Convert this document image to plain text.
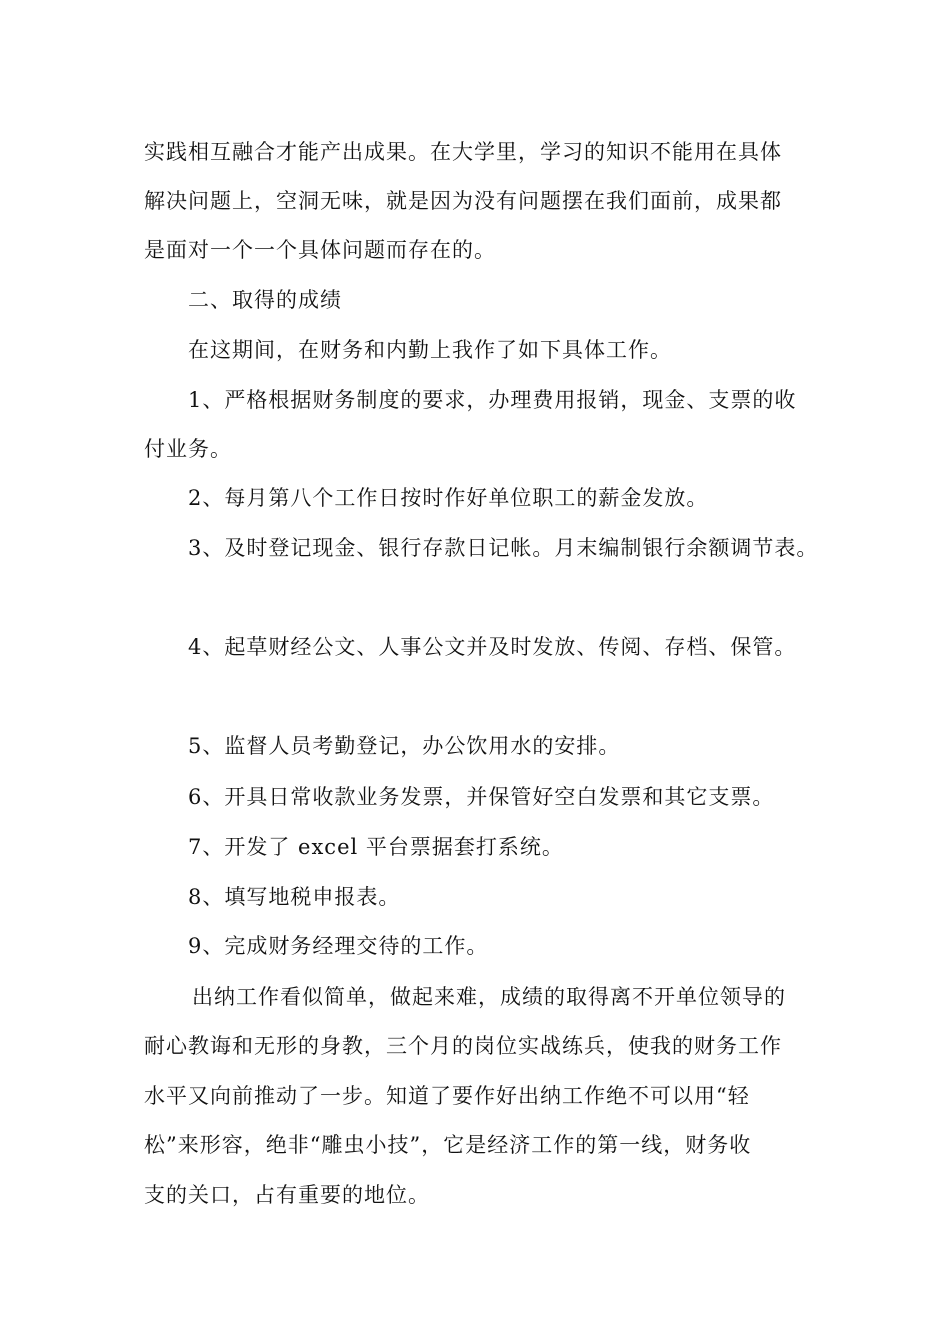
实践相互融合才能产出成果。在大学里，学习的知识不能用在具体
解决问题上，空洞无味，就是因为没有问题摆在我们面前，成果都
是面对一个一个具体问题而存在的。
二、取得的成绩
在这期间，在财务和内勤上我作了如下具体工作。
1、严格根据财务制度的要求，办理费用报销，现金、支票的收
付业务。
2、每月第八个工作日按时作好单位职工的薪金发放。
3、及时登记现金、银行存款日记帐。月末编制银行余额调节表。
4、起草财经公文、人事公文并及时发放、传阅、存档、保管。
5、监督人员考勤登记，办公饮用水的安排。
6、开具日常收款业务发票，并保管好空白发票和其它支票。
7、开发了 excel 平台票据套打系统。
8、填写地税申报表。
9、完成财务经理交待的工作。
出纳工作看似简单，做起来难，成绩的取得离不开单位领导的
耐心教诲和无形的身教，三个月的岗位实战练兵，使我的财务工作
水平又向前推动了一步。知道了要作好出纳工作绝不可以用“轻
松”来形容，绝非“雕虫小技”，它是经济工作的第一线，财务收
支的关口，占有重要的地位。
